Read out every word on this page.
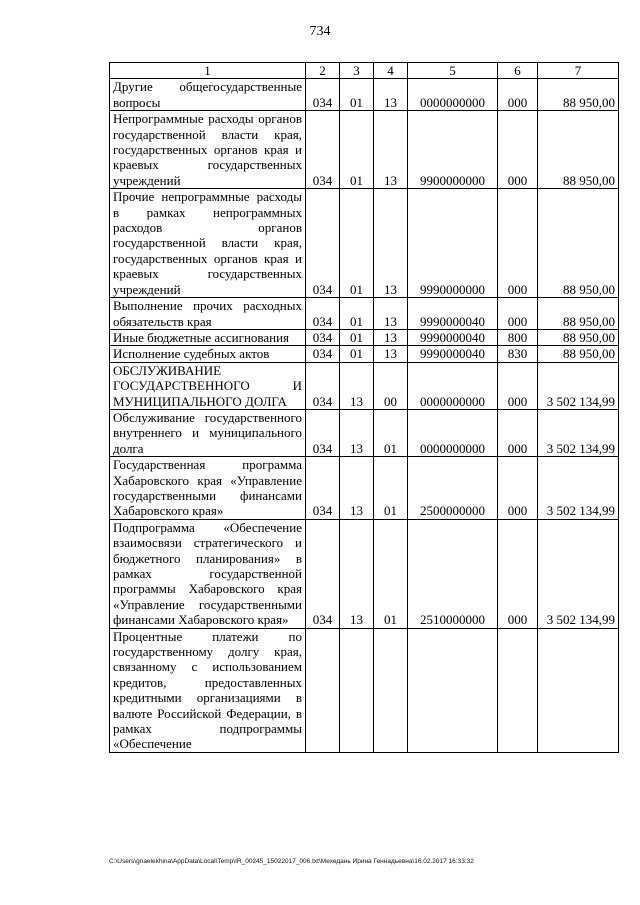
734
1	2	3	4	5	6	7
Другие общегосударственные вопросы	034	01	13	0000000000	000	88 950,00
Непрограммные расходы органов государственной власти края, государственных органов края и краевых государственных учреждений	034	01	13	9900000000	000	88 950,00
Прочие непрограммные расходы в рамках непрограммных расходов органов государственной власти края, государственных органов края и краевых государственных учреждений	034	01	13	9990000000	000	88 950,00
Выполнение прочих расходных обязательств края	034	01	13	9990000040	000	88 950,00
Иные бюджетные ассигнования	034	01	13	9990000040	800	88 950,00
Исполнение судебных актов	034	01	13	9990000040	830	88 950,00
ОБСЛУЖИВАНИЕ ГОСУДАРСТВЕННОГО И МУНИЦИПАЛЬНОГО ДОЛГА	034	13	00	0000000000	000	3 502 134,99
Обслуживание государственного внутреннего и муниципального долга	034	13	01	0000000000	000	3 502 134,99
Государственная программа Хабаровского края «Управление государственными финансами Хабаровского края»	034	13	01	2500000000	000	3 502 134,99
Подпрограмма «Обеспечение взаимосвязи стратегического и бюджетного планирования» в рамках государственной программы Хабаровского края «Управление государственными финансами Хабаровского края»	034	13	01	2510000000	000	3 502 134,99
Процентные платежи по государственному долгу края, связанному с использованием кредитов, предоставленных кредитными организациями в валюте Российской Федерации, в рамках подпрограммы «Обеспечение						
C:\Users\gnaelekhina\AppData\Local\Temp\IR_00245_15022017_006.txt\Мехедань Ирина Геннадьевна\16.02.2017 16:33:32
